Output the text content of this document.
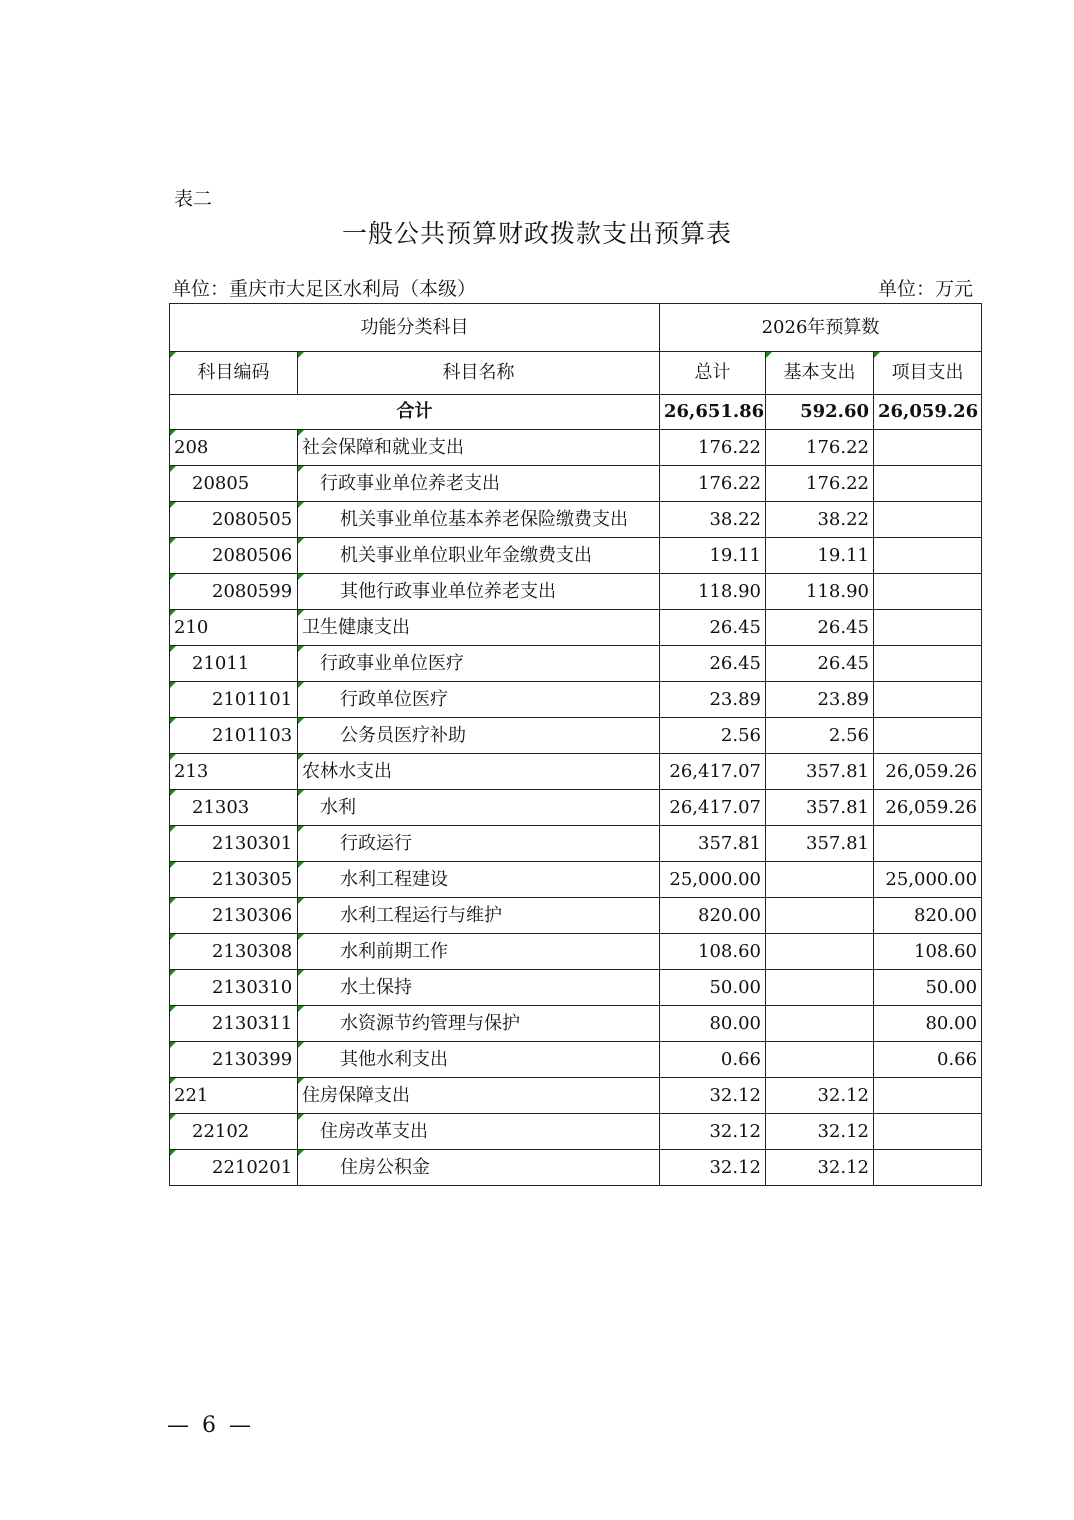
表二
一般公共预算财政拨款支出预算表
单位：重庆市大足区水利局（本级）	单位：万元
功能分类科目		2026年预算数		
科目编码	科目名称	总计	基本支出	项目支出
合计		26,651.86	592.60	26,059.26
208	社会保障和就业支出	176.22	176.22	
20805	行政事业单位养老支出	176.22	176.22	
2080505	机关事业单位基本养老保险缴费支出	38.22	38.22	
2080506	机关事业单位职业年金缴费支出	19.11	19.11	
2080599	其他行政事业单位养老支出	118.90	118.90	
210	卫生健康支出	26.45	26.45	
21011	行政事业单位医疗	26.45	26.45	
2101101	行政单位医疗	23.89	23.89	
2101103	公务员医疗补助	2.56	2.56	
213	农林水支出	26,417.07	357.81	26,059.26
21303	水利	26,417.07	357.81	26,059.26
2130301	行政运行	357.81	357.81	
2130305	水利工程建设	25,000.00		25,000.00
2130306	水利工程运行与维护	820.00		820.00
2130308	水利前期工作	108.60		108.60
2130310	水土保持	50.00		50.00
2130311	水资源节约管理与保护	80.00		80.00
2130399	其他水利支出	0.66		0.66
221	住房保障支出	32.12	32.12	
22102	住房改革支出	32.12	32.12	
2210201	住房公积金	32.12	32.12	
— 6 —
